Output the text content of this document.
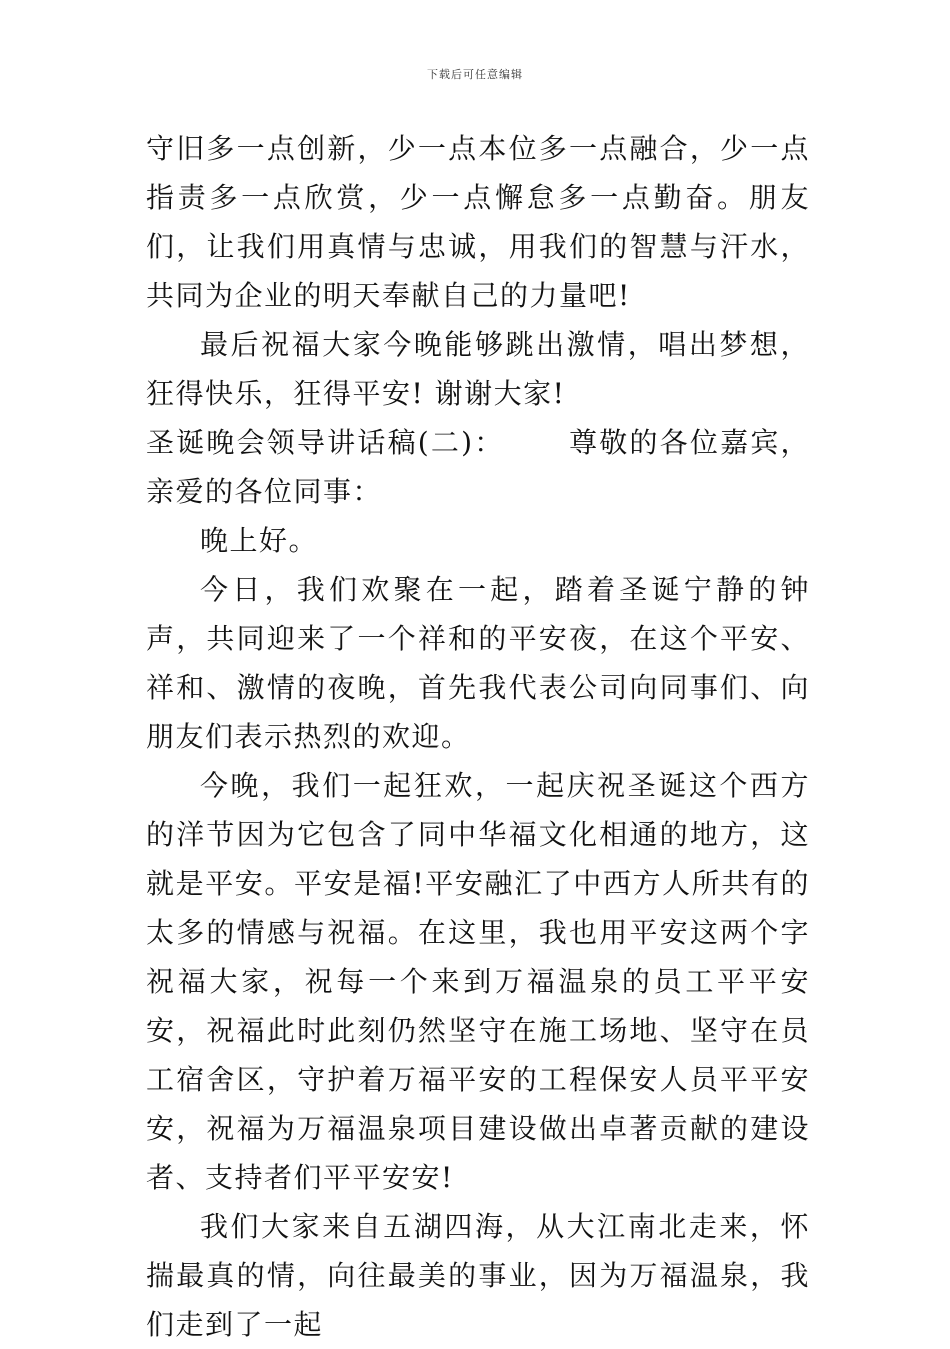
下载后可任意编辑

守旧多一点创新，少一点本位多一点融合，少一点指责多一点欣赏，少一点懈怠多一点勤奋。朋友们，让我们用真情与忠诚，用我们的智慧与汗水，共同为企业的明天奉献自己的力量吧!

最后祝福大家今晚能够跳出激情，唱出梦想，狂得快乐，狂得平安! 谢谢大家!

圣诞晚会领导讲话稿(二)： 尊敬的各位嘉宾，亲爱的各位同事：

晚上好。

今日，我们欢聚在一起，踏着圣诞宁静的钟声，共同迎来了一个祥和的平安夜，在这个平安、祥和、激情的夜晚，首先我代表公司向同事们、向朋友们表示热烈的欢迎。

今晚，我们一起狂欢，一起庆祝圣诞这个西方的洋节因为它包含了同中华福文化相通的地方，这就是平安。平安是福!平安融汇了中西方人所共有的太多的情感与祝福。在这里，我也用平安这两个字祝福大家，祝每一个来到万福温泉的员工平平安安，祝福此时此刻仍然坚守在施工场地、坚守在员工宿舍区，守护着万福平安的工程保安人员平平安安，祝福为万福温泉项目建设做出卓著贡献的建设者、支持者们平平安安!

我们大家来自五湖四海，从大江南北走来，怀揣最真的情，向往最美的事业，因为万福温泉，我们走到了一起
